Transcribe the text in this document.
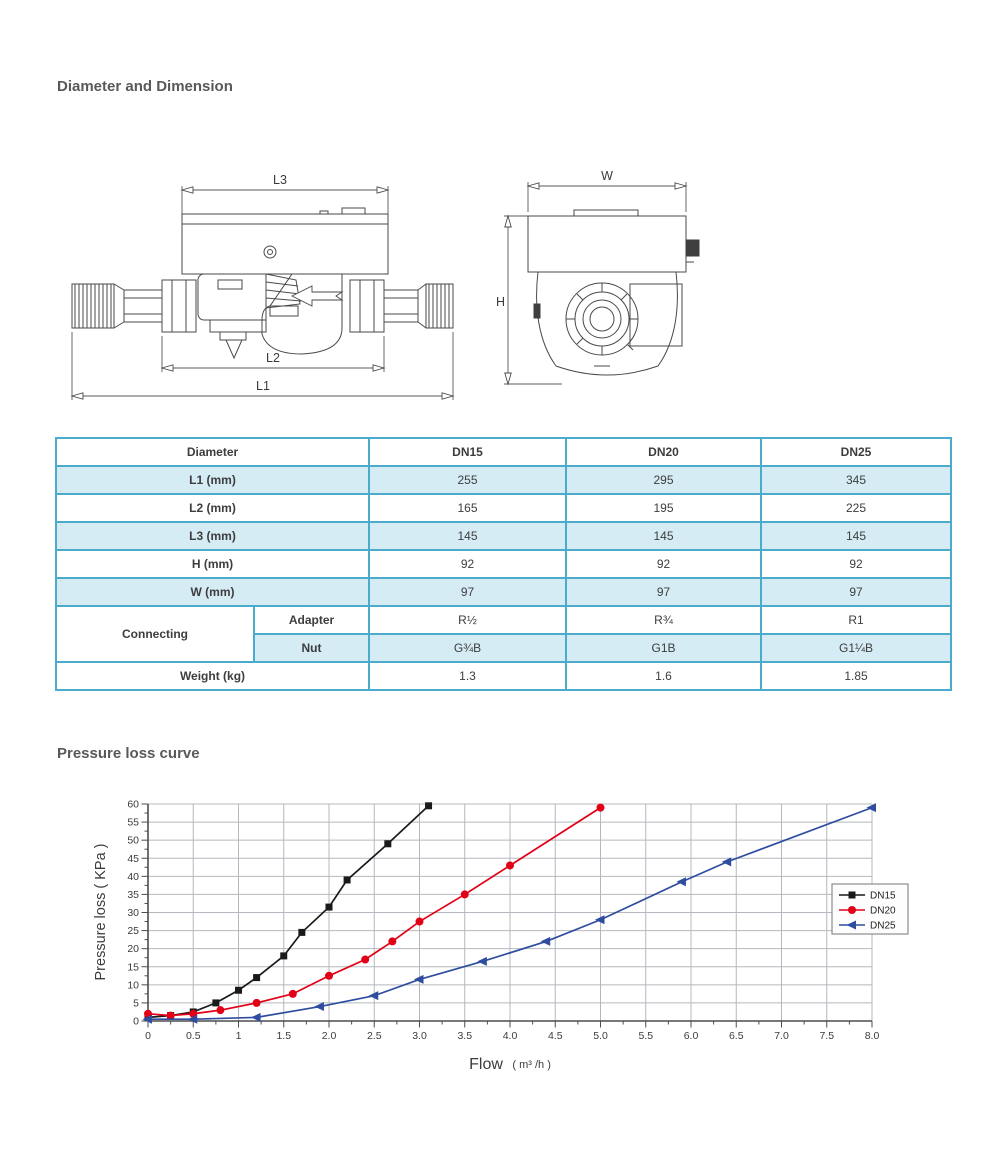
Diameter and Dimension
L3
L2
L1
W
H
Diameter		DN15	DN20	DN25
L1 (mm)		255	295	345
L2 (mm)		165	195	225
L3 (mm)		145	145	145
H (mm)		92	92	92
W (mm)		97	97	97
Connecting	Adapter	R½	R¾	R1
	Nut	G¾B	G1B	G1¼B
Weight (kg)		1.3	1.6	1.85
Pressure loss curve
Pressure loss ( KPa )
Flow ( m³ /h )
0	0.5	1	1.5	2.0	2.5	3.0	3.5	4.0	4.5	5.0	5.5	6.0	6.5	7.0	7.5	8.0
0
5
10
15
20
25
30
35
40
45
50
55
60
DN15
DN20
DN25
